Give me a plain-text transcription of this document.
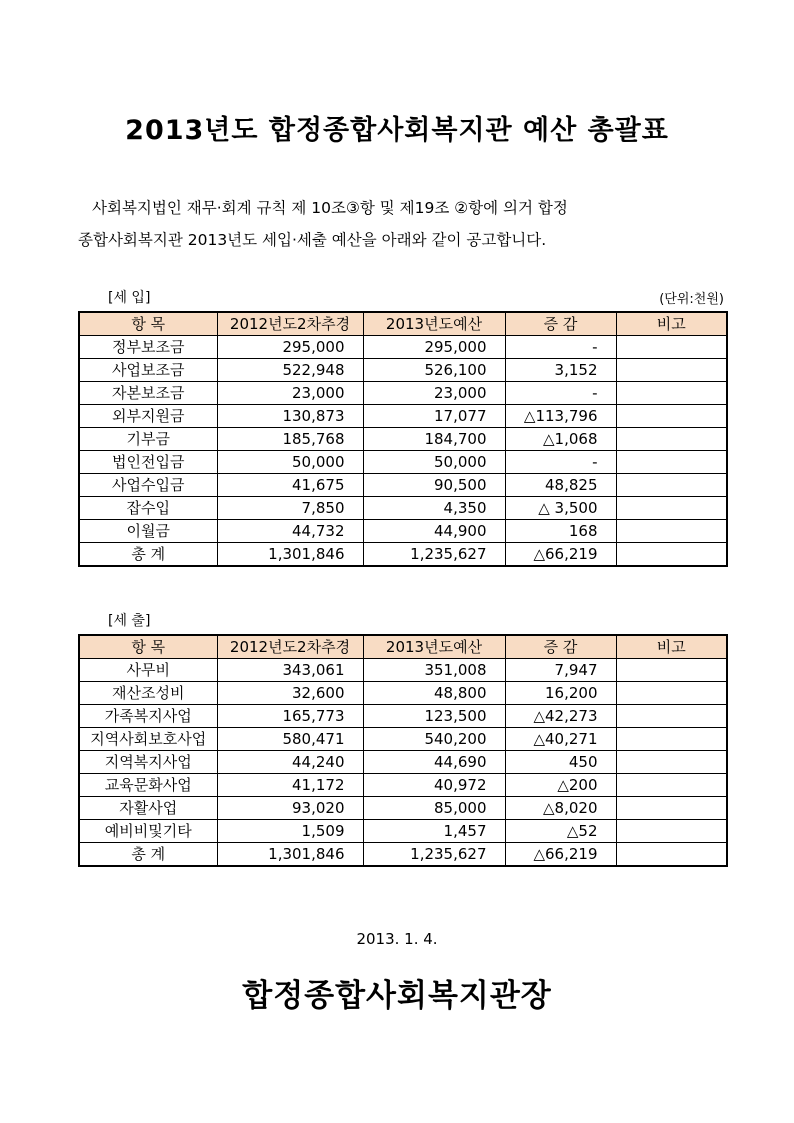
2013년도 합정종합사회복지관 예산 총괄표
사회복지법인 재무·회계 규칙 제 10조③항 및 제19조 ②항에 의거 합정
종합사회복지관 2013년도 세입·세출 예산을 아래와 같이 공고합니다.
[세 입]	(단위:천원)
항 목	2012년도2차추경	2013년도예산	증 감	비고
정부보조금	295,000	295,000	-	
사업보조금	522,948	526,100	3,152	
자본보조금	23,000	23,000	-	
외부지원금	130,873	17,077	△113,796	
기부금	185,768	184,700	△1,068	
법인전입금	50,000	50,000	-	
사업수입금	41,675	90,500	48,825	
잡수입	7,850	4,350	△ 3,500	
이월금	44,732	44,900	168	
총 계	1,301,846	1,235,627	△66,219	
[세 출]
항 목	2012년도2차추경	2013년도예산	증 감	비고
사무비	343,061	351,008	7,947	
재산조성비	32,600	48,800	16,200	
가족복지사업	165,773	123,500	△42,273	
지역사회보호사업	580,471	540,200	△40,271	
지역복지사업	44,240	44,690	450	
교육문화사업	41,172	40,972	△200	
자활사업	93,020	85,000	△8,020	
예비비및기타	1,509	1,457	△52	
총 계	1,301,846	1,235,627	△66,219	
2013. 1. 4.
합정종합사회복지관장
